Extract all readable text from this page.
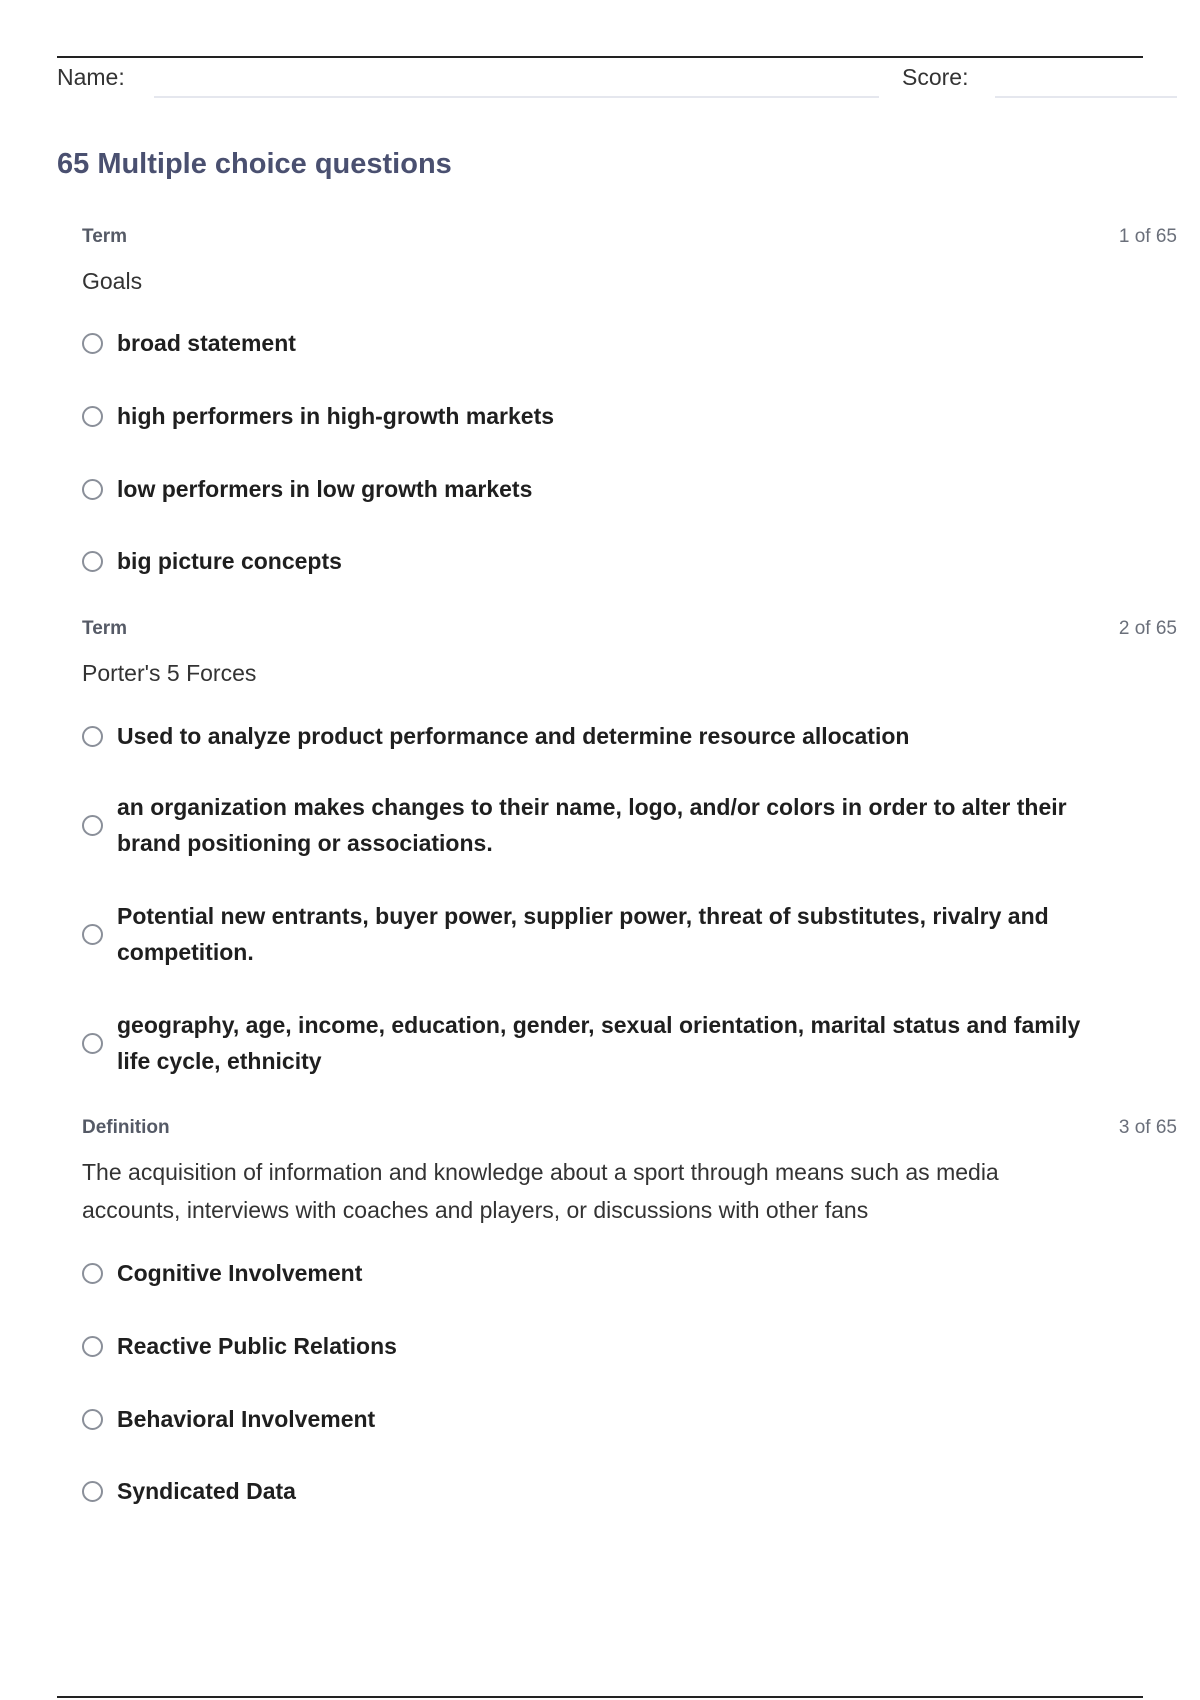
Name:	Score:
65 Multiple choice questions
Term	1 of 65
Goals
broad statement
high performers in high-growth markets
low performers in low growth markets
big picture concepts
Term	2 of 65
Porter's 5 Forces
Used to analyze product performance and determine resource allocation
an organization makes changes to their name, logo, and/or colors in order to alter their brand positioning or associations.
Potential new entrants, buyer power, supplier power, threat of substitutes, rivalry and competition.
geography, age, income, education, gender, sexual orientation, marital status and family life cycle, ethnicity
Definition	3 of 65
The acquisition of information and knowledge about a sport through means such as media accounts, interviews with coaches and players, or discussions with other fans
Cognitive Involvement
Reactive Public Relations
Behavioral Involvement
Syndicated Data
